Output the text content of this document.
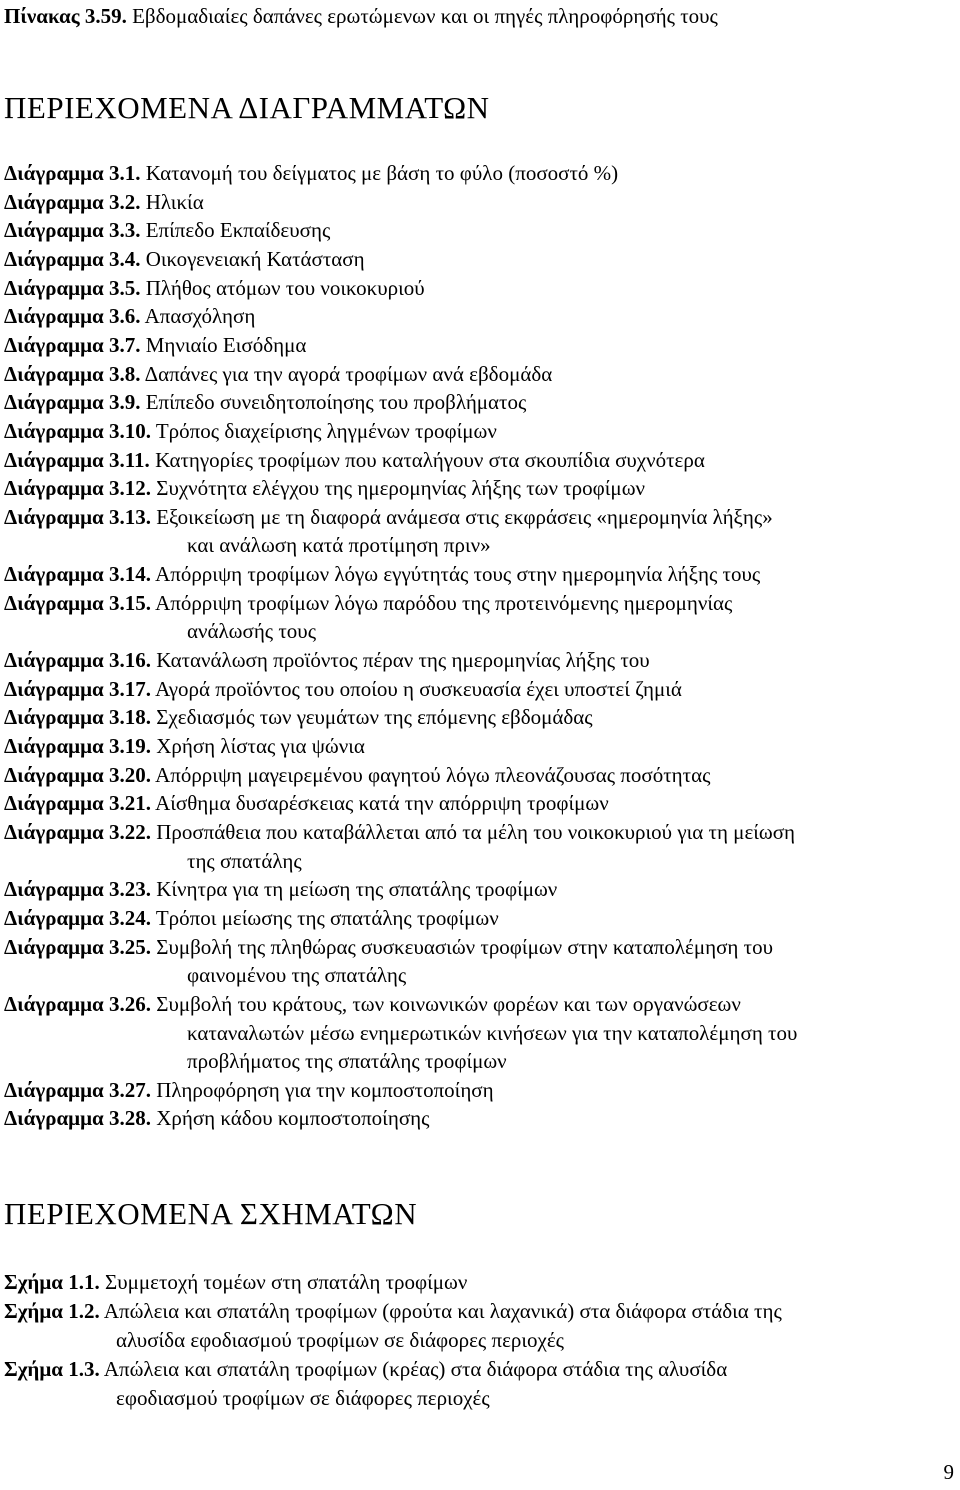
Πίνακας 3.59. Εβδομαδιαίες δαπάνες ερωτώμενων και οι πηγές πληροφόρησής τους
ΠΕΡΙΕΧΟΜΕΝΑ ΔΙΑΓΡΑΜΜΑΤΩΝ
Διάγραμμα 3.1. Κατανομή του δείγματος με βάση το φύλο (ποσοστό %)
Διάγραμμα 3.2. Ηλικία
Διάγραμμα 3.3. Επίπεδο Εκπαίδευσης
Διάγραμμα 3.4. Οικογενειακή Κατάσταση
Διάγραμμα 3.5. Πλήθος ατόμων του νοικοκυριού
Διάγραμμα 3.6. Απασχόληση
Διάγραμμα 3.7. Μηνιαίο Εισόδημα
Διάγραμμα 3.8. Δαπάνες για την αγορά τροφίμων ανά εβδομάδα
Διάγραμμα 3.9. Επίπεδο συνειδητοποίησης του προβλήματος
Διάγραμμα 3.10. Τρόπος διαχείρισης ληγμένων τροφίμων
Διάγραμμα 3.11. Κατηγορίες τροφίμων που καταλήγουν στα σκουπίδια συχνότερα
Διάγραμμα 3.12. Συχνότητα ελέγχου της ημερομηνίας λήξης των τροφίμων
Διάγραμμα 3.13. Εξοικείωση με τη διαφορά ανάμεσα στις εκφράσεις «ημερομηνία λήξης»
και ανάλωση κατά προτίμηση πριν»
Διάγραμμα 3.14. Απόρριψη τροφίμων λόγω εγγύτητάς τους στην ημερομηνία λήξης τους
Διάγραμμα 3.15. Απόρριψη τροφίμων λόγω παρόδου της προτεινόμενης ημερομηνίας
ανάλωσής τους
Διάγραμμα 3.16. Κατανάλωση προϊόντος πέραν της ημερομηνίας λήξης του
Διάγραμμα 3.17. Αγορά προϊόντος του οποίου η συσκευασία έχει υποστεί ζημιά
Διάγραμμα 3.18. Σχεδιασμός των γευμάτων της επόμενης εβδομάδας
Διάγραμμα 3.19. Χρήση λίστας για ψώνια
Διάγραμμα 3.20. Απόρριψη μαγειρεμένου φαγητού λόγω πλεονάζουσας ποσότητας
Διάγραμμα 3.21. Αίσθημα δυσαρέσκειας κατά την απόρριψη τροφίμων
Διάγραμμα 3.22. Προσπάθεια που καταβάλλεται από τα μέλη του νοικοκυριού για τη μείωση
της σπατάλης
Διάγραμμα 3.23. Κίνητρα για τη μείωση της σπατάλης τροφίμων
Διάγραμμα 3.24. Τρόποι μείωσης της σπατάλης τροφίμων
Διάγραμμα 3.25. Συμβολή της πληθώρας συσκευασιών τροφίμων στην καταπολέμηση του
φαινομένου της σπατάλης
Διάγραμμα 3.26. Συμβολή του κράτους, των κοινωνικών φορέων και των οργανώσεων
καταναλωτών μέσω ενημερωτικών κινήσεων για την καταπολέμηση του
προβλήματος της σπατάλης τροφίμων
Διάγραμμα 3.27. Πληροφόρηση για την κομποστοποίηση
Διάγραμμα 3.28. Χρήση κάδου κομποστοποίησης
ΠΕΡΙΕΧΟΜΕΝΑ ΣΧΗΜΑΤΩΝ
Σχήμα 1.1. Συμμετοχή τομέων στη σπατάλη τροφίμων
Σχήμα 1.2. Απώλεια και σπατάλη τροφίμων (φρούτα και λαχανικά) στα διάφορα στάδια της
αλυσίδα εφοδιασμού τροφίμων σε διάφορες περιοχές
Σχήμα 1.3. Απώλεια και σπατάλη τροφίμων (κρέας) στα διάφορα στάδια της αλυσίδα
εφοδιασμού τροφίμων σε διάφορες περιοχές
9
